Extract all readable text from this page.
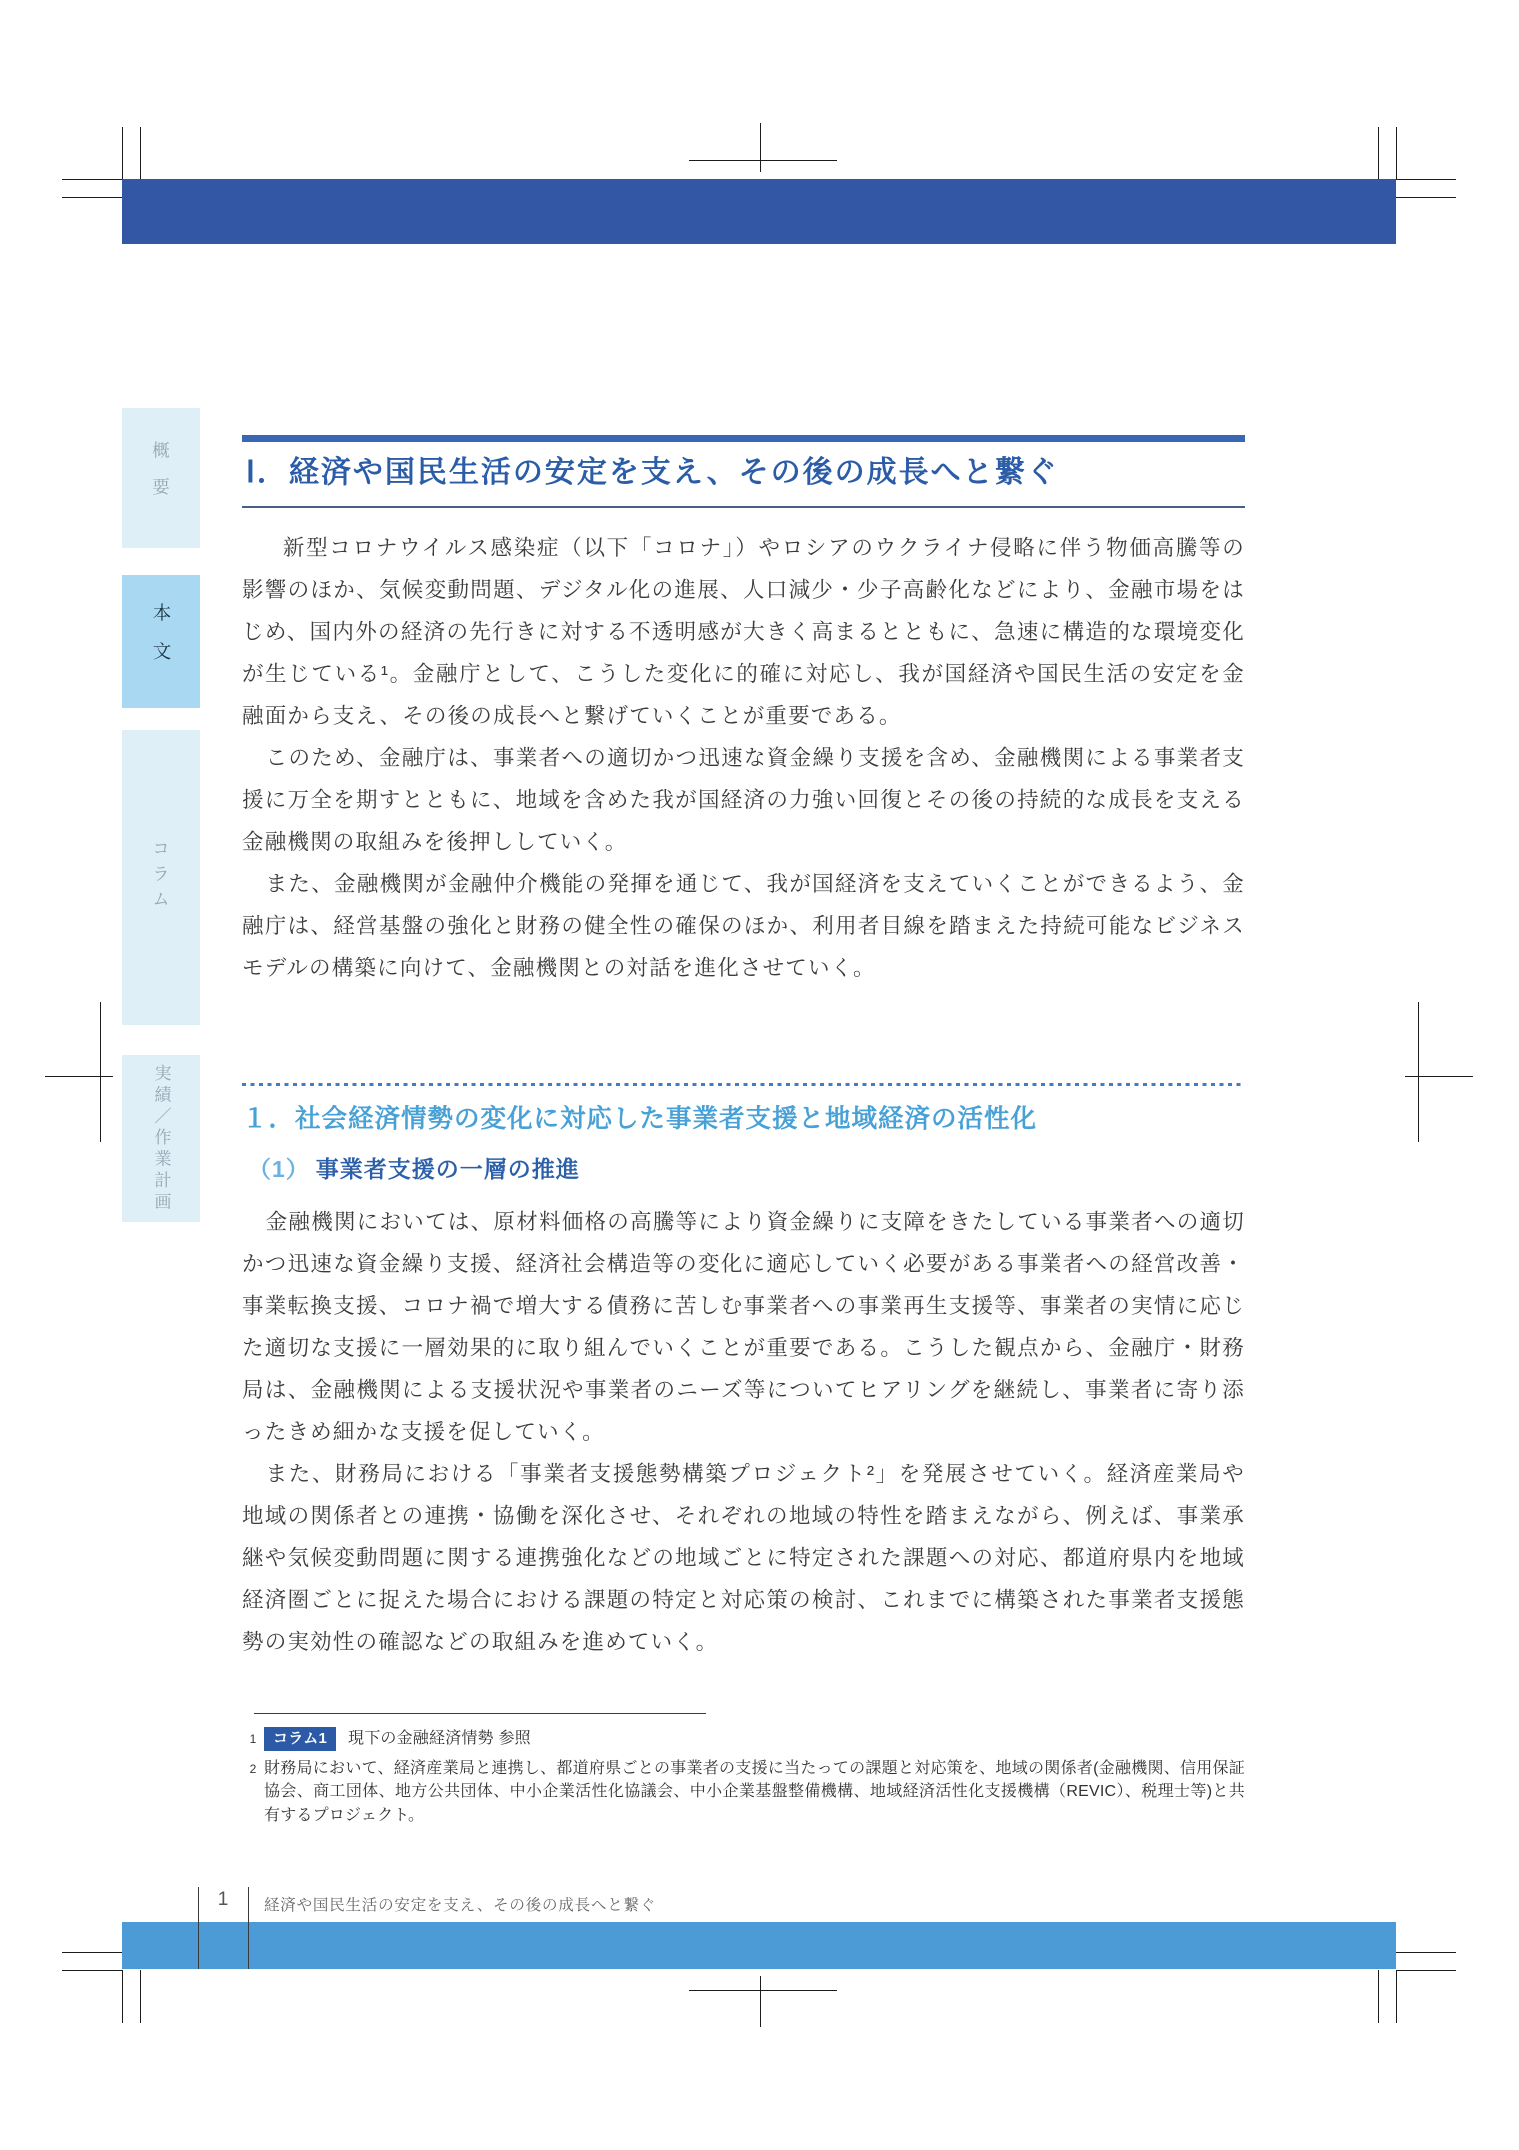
概要
本文
コラム
実績／作業計画
Ⅰ．経済や国民生活の安定を支え、その後の成長へと繋ぐ

新型コロナウイルス感染症（以下「コロナ」）やロシアのウクライナ侵略に伴う物価高騰等の影響のほか、気候変動問題、デジタル化の進展、人口減少・少子高齢化などにより、金融市場をはじめ、国内外の経済の先行きに対する不透明感が大きく高まるとともに、急速に構造的な環境変化が生じている¹。金融庁として、こうした変化に的確に対応し、我が国経済や国民生活の安定を金融面から支え、その後の成長へと繋げていくことが重要である。

このため、金融庁は、事業者への適切かつ迅速な資金繰り支援を含め、金融機関による事業者支援に万全を期すとともに、地域を含めた我が国経済の力強い回復とその後の持続的な成長を支える金融機関の取組みを後押ししていく。

また、金融機関が金融仲介機能の発揮を通じて、我が国経済を支えていくことができるよう、金融庁は、経営基盤の強化と財務の健全性の確保のほか、利用者目線を踏まえた持続可能なビジネスモデルの構築に向けて、金融機関との対話を進化させていく。

１．社会経済情勢の変化に対応した事業者支援と地域経済の活性化
（1） 事業者支援の一層の推進

金融機関においては、原材料価格の高騰等により資金繰りに支障をきたしている事業者への適切かつ迅速な資金繰り支援、経済社会構造等の変化に適応していく必要がある事業者への経営改善・事業転換支援、コロナ禍で増大する債務に苦しむ事業者への事業再生支援等、事業者の実情に応じた適切な支援に一層効果的に取り組んでいくことが重要である。こうした観点から、金融庁・財務局は、金融機関による支援状況や事業者のニーズ等についてヒアリングを継続し、事業者に寄り添ったきめ細かな支援を促していく。

また、財務局における「事業者支援態勢構築プロジェクト²」を発展させていく。経済産業局や地域の関係者との連携・協働を深化させ、それぞれの地域の特性を踏まえながら、例えば、事業承継や気候変動問題に関する連携強化などの地域ごとに特定された課題への対応、都道府県内を地域経済圏ごとに捉えた場合における課題の特定と対応策の検討、これまでに構築された事業者支援態勢の実効性の確認などの取組みを進めていく。

1	コラム1 現下の金融経済情勢 参照
2 財務局において、経済産業局と連携し、都道府県ごとの事業者の支援に当たっての課題と対応策を、地域の関係者(金融機関、信用保証協会、商工団体、地方公共団体、中小企業活性化協議会、中小企業基盤整備機構、地域経済活性化支援機構（REVIC）、税理士等)と共有するプロジェクト。

1	経済や国民生活の安定を支え、その後の成長へと繋ぐ
